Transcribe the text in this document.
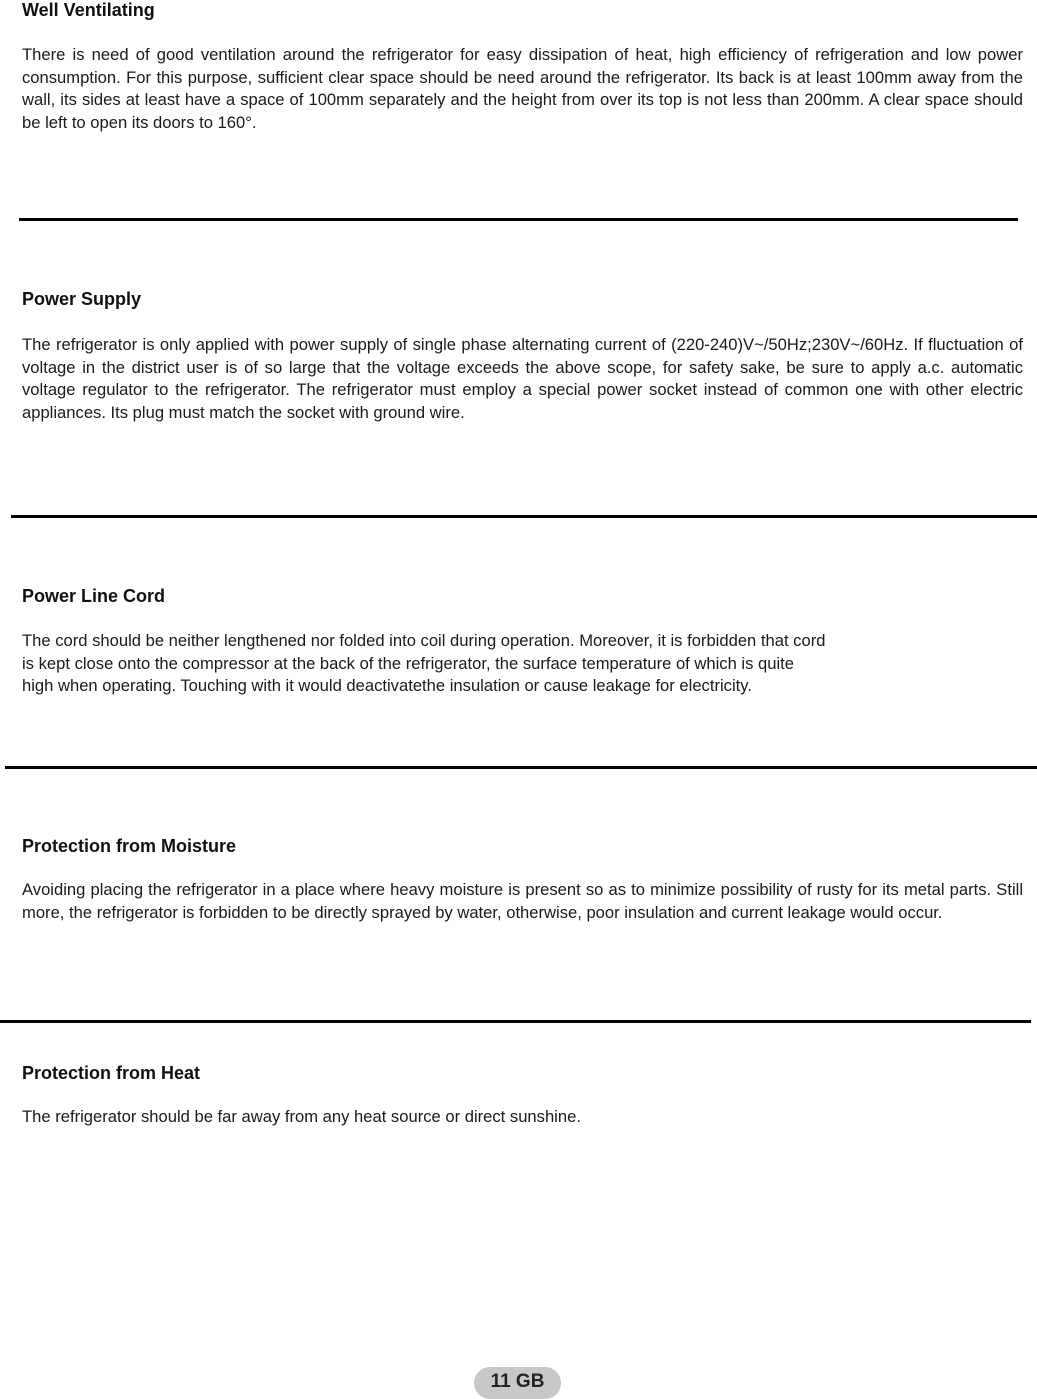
Well Ventilating

There is need of good ventilation around the refrigerator for easy dissipation of heat, high efficiency of refrigeration and low power consumption. For this purpose, sufficient clear space should be need around the refrigerator. Its back is at least 100mm away from the wall, its sides at least have a space of 100mm separately and the height from over its top is not less than 200mm. A clear space should be left to open its doors to 160°.

Power Supply

The refrigerator is only applied with power supply of single phase alternating current of (220-240)V~/50Hz;230V~/60Hz. If fluctuation of voltage in the district user is of so large that the voltage exceeds the above scope, for safety sake, be sure to apply a.c. automatic voltage regulator to the refrigerator. The refrigerator must employ a special power socket instead of common one with other electric appliances. Its plug must match the socket with ground wire.

Power Line Cord

The cord should be neither lengthened nor folded into coil during operation. Moreover, it is forbidden that cord

is kept close onto the compressor at the back of the refrigerator, the surface temperature of which is quite

high when operating. Touching with it would deactivatethe insulation or cause leakage for electricity.

Protection from Moisture

Avoiding placing the refrigerator in a place where heavy moisture is present so as to minimize possibility of rusty for its metal parts. Still more, the refrigerator is forbidden to be directly sprayed by water, otherwise, poor insulation and current leakage would occur.

Protection from Heat

The refrigerator should be far away from any heat source or direct sunshine.

11 GB
